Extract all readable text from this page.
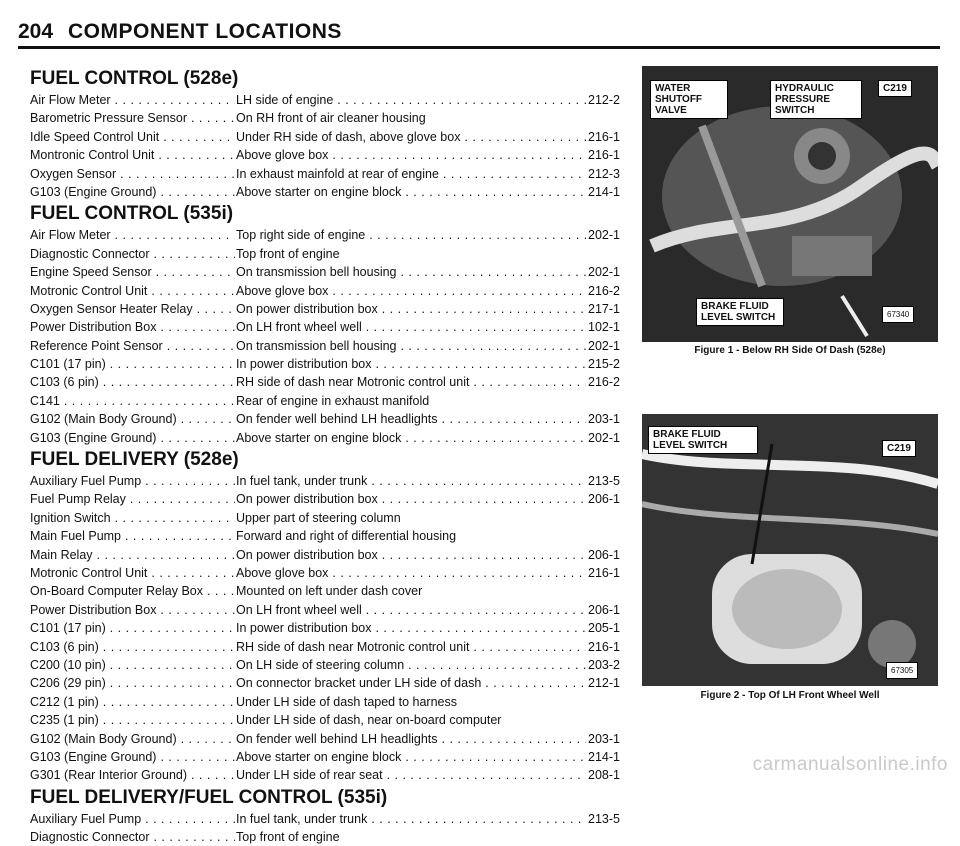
204 COMPONENT LOCATIONS
FUEL CONTROL (528e)
Air Flow Meter . . .	LH side of engine . . .	212-2
Barometric Pressure Sensor . . .	On RH front of air cleaner housing
Idle Speed Control Unit . . .	Under RH side of dash, above glove box . . .	216-1
Montronic Control Unit . . .	Above glove box . . .	216-1
Oxygen Sensor . . .	In exhaust mainfold at rear of engine . . .	212-3
G103 (Engine Ground) . . .	Above starter on engine block . . .	214-1
FUEL CONTROL (535i)
Air Flow Meter . . .	Top right side of engine . . .	202-1
Diagnostic Connector . . .	Top front of engine
Engine Speed Sensor . . .	On transmission bell housing . . .	202-1
Motronic Control Unit . . .	Above glove box . . .	216-2
Oxygen Sensor Heater Relay . . .	On power distribution box . . .	217-1
Power Distribution Box . . .	On LH front wheel well . . .	102-1
Reference Point Sensor . . .	On transmission bell housing . . .	202-1
C101 (17 pin) . . .	In power distribution box . . .	215-2
C103 (6 pin) . . .	RH side of dash near Motronic control unit . . .	216-2
C141 . . .	Rear of engine in exhaust manifold
G102 (Main Body Ground) . . .	On fender well behind LH headlights . . .	203-1
G103 (Engine Ground) . . .	Above starter on engine block . . .	202-1
FUEL DELIVERY (528e)
Auxiliary Fuel Pump . . .	In fuel tank, under trunk . . .	213-5
Fuel Pump Relay . . .	On power distribution box . . .	206-1
Ignition Switch . . .	Upper part of steering column
Main Fuel Pump . . .	Forward and right of differential housing
Main Relay . . .	On power distribution box . . .	206-1
Motronic Control Unit . . .	Above glove box . . .	216-1
On-Board Computer Relay Box . . .	Mounted on left under dash cover
Power Distribution Box . . .	On LH front wheel well . . .	206-1
C101 (17 pin) . . .	In power distribution box . . .	205-1
C103 (6 pin) . . .	RH side of dash near Motronic control unit . . .	216-1
C200 (10 pin) . . .	On LH side of steering column . . .	203-2
C206 (29 pin) . . .	On connector bracket under LH side of dash . . .	212-1
C212 (1 pin) . . .	Under LH side of dash taped to harness
C235 (1 pin) . . .	Under LH side of dash, near on-board computer
G102 (Main Body Ground) . . .	On fender well behind LH headlights . . .	203-1
G103 (Engine Ground) . . .	Above starter on engine block . . .	214-1
G301 (Rear Interior Ground) . . .	Under LH side of rear seat . . .	208-1
FUEL DELIVERY/FUEL CONTROL (535i)
Auxiliary Fuel Pump . . .	In fuel tank, under trunk . . .	213-5
Diagnostic Connector . . .	Top front of engine
WATER SHUTOFF VALVE
HYDRAULIC PRESSURE SWITCH
C219
BRAKE FLUID LEVEL SWITCH	67340
Figure 1 - Below RH Side Of Dash (528e)
BRAKE FLUID LEVEL SWITCH	C219
67305
Figure 2 - Top Of LH Front Wheel Well
carmanualsonline.info
